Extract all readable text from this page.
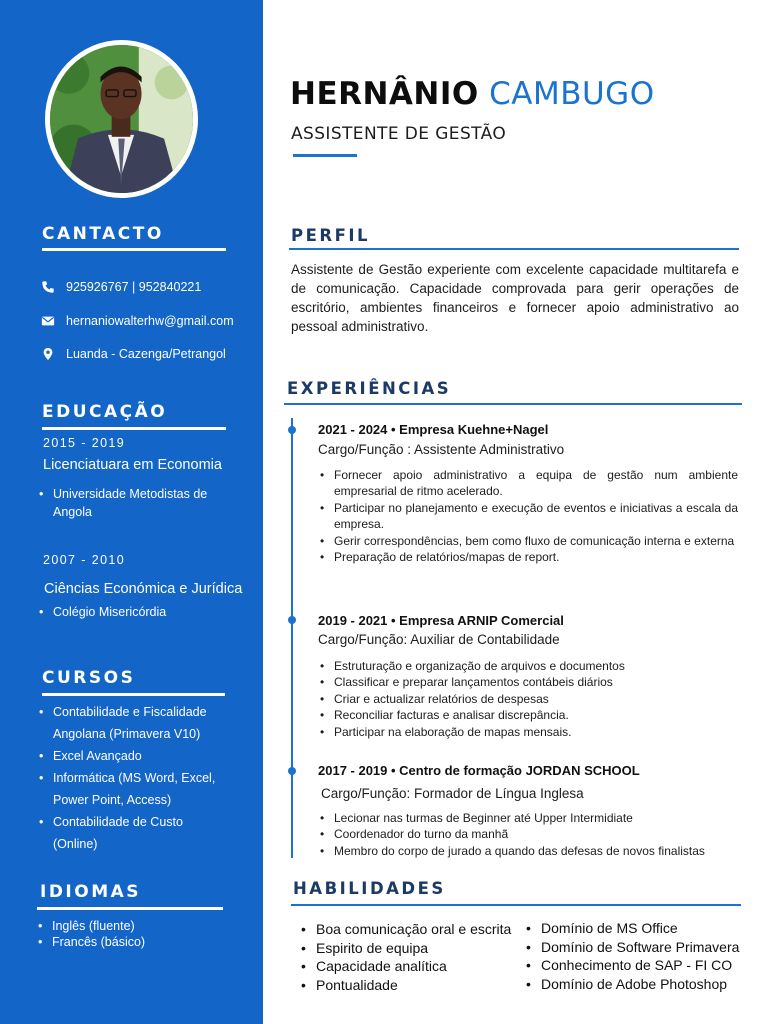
CANTACTO
925926767 | 952840221
hernaniowalterhw@gmail.com
Luanda - Cazenga/Petrangol
EDUCAÇÃO
2015 - 2019
Licenciatuara em Economia
• Universidade Metodistas de Angola
2007 - 2010
Ciências Económica e Jurídica
• Colégio Misericórdia
CURSOS
• Contabilidade e Fiscalidade Angolana (Primavera V10)
• Excel Avançado
• Informática (MS Word, Excel, Power Point, Access)
• Contabilidade de Custo (Online)
IDIOMAS
• Inglês (fluente)
• Francês (básico)
HERNÂNIO CAMBUGO
ASSISTENTE DE GESTÃO
PERFIL

Assistente de Gestão experiente com excelente capacidade multitarefa e de comunicação. Capacidade comprovada para gerir operações de escritório, ambientes financeiros e fornecer apoio administrativo ao pessoal administrativo.

EXPERIÊNCIAS
2021 - 2024 • Empresa Kuehne+Nagel
Cargo/Função : Assistente Administrativo
• Fornecer apoio administrativo a equipa de gestão num ambiente empresarial de ritmo acelerado.
• Participar no planejamento e execução de eventos e iniciativas a escala da empresa.
• Gerir correspondências, bem como fluxo de comunicação interna e externa
• Preparação de relatórios/mapas de report.
2019 - 2021 • Empresa ARNIP Comercial
Cargo/Função: Auxiliar de Contabilidade
• Estruturação e organização de arquivos e documentos
• Classificar e preparar lançamentos contábeis diários
• Criar e actualizar relatórios de despesas
• Reconciliar facturas e analisar discrepância.
• Participar na elaboração de mapas mensais.
2017 - 2019 • Centro de formação JORDAN SCHOOL
Cargo/Função: Formador de Língua Inglesa
• Lecionar nas turmas de Beginner até Upper Intermidiate
• Coordenador do turno da manhã
• Membro do corpo de jurado a quando das defesas de novos finalistas
HABILIDADES
• Boa comunicação oral e escrita
• Espirito de equipa
• Capacidade analítica
• Pontualidade
• Domínio de MS Office
• Domínio de Software Primavera
• Conhecimento de SAP - FI CO
• Domínio de Adobe Photoshop
